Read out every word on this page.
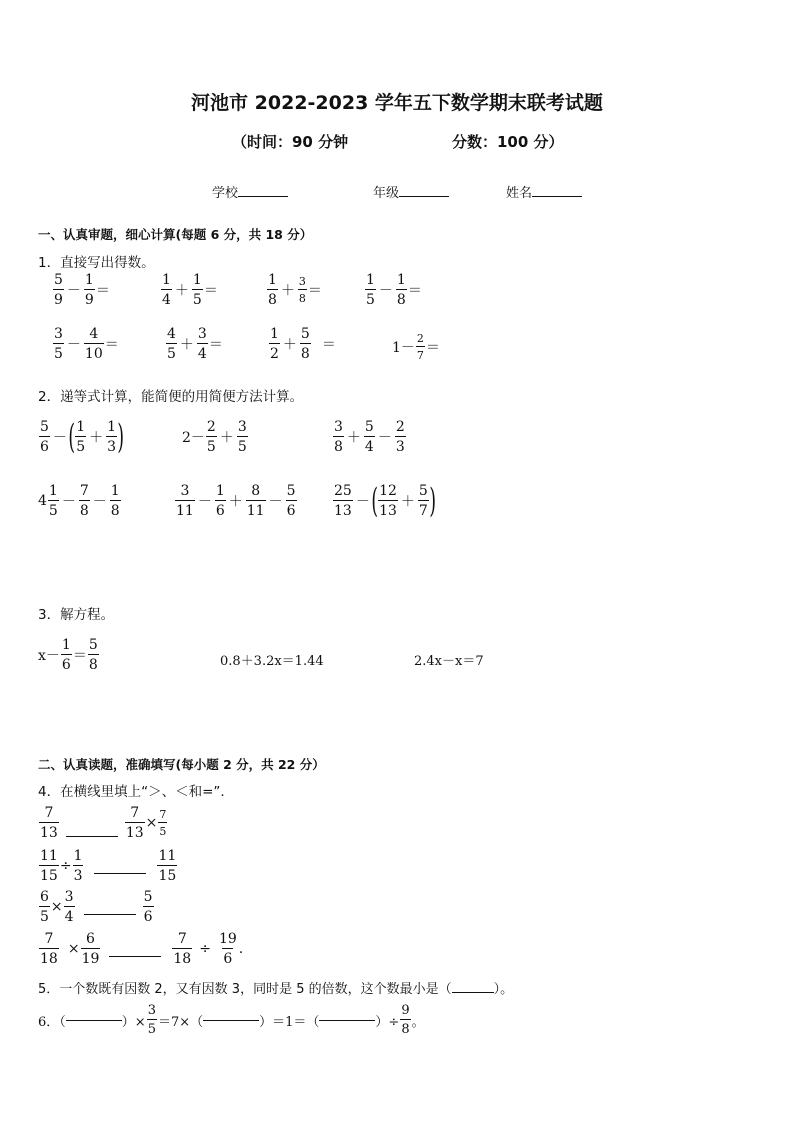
河池市 2022-2023 学年五下数学期末联考试题
（时间：90 分钟	分数：100 分）
学校	年级	姓名
一、认真审题，细心计算(每题 6 分，共 18 分）
1．直接写出得数。
$\frac{5}{9} - \frac{1}{9}$ ＝	$\frac{1}{4} + \frac{1}{5}$ ＝	$\frac{1}{8} + \frac{3}{8}$ ＝	$\frac{1}{5} - \frac{1}{8}$ ＝
$\frac{3}{5} - \frac{4}{10}$ ＝	$\frac{4}{5} + \frac{3}{4}$ ＝	$\frac{1}{2} + \frac{5}{8}$ ＝	$1- \frac{2}{7}$ ＝
2．递等式计算，能简便的用简便方法计算。
$\frac{5}{6}$ － ( $\frac{1}{5} + \frac{1}{3}$ )	$2- \frac{2}{5} + \frac{3}{5}$	$\frac{3}{8} + \frac{5}{4} - \frac{2}{3}$
$4 \frac{1}{5} - \frac{7}{8} - \frac{1}{8}$	$\frac{3}{11} - \frac{1}{6} + \frac{8}{11} - \frac{5}{6}$	$\frac{25}{13}$ － ( $\frac{12}{13} + \frac{5}{7}$ )
3．解方程。
$x- \frac{1}{6} = \frac{5}{8}$	0.8＋3.2x＝1.44	2.4x－x＝7
二、认真读题，准确填写(每小题 2 分，共 22 分）
4．在横线里填上“＞、＜和=”.
$\frac{7}{13}$	$\frac{7}{13} \times \frac{7}{5}$
$\frac{11}{15} \div \frac{1}{3}$	$\frac{11}{15}$
$\frac{6}{5} \times \frac{3}{4}$	$\frac{5}{6}$
$\frac{7}{18} \times \frac{6}{19}$	$\frac{7}{18} \div \frac{19}{6}$ .
5．一个数既有因数 2，又有因数 3，同时是 5 的倍数，这个数最小是（	）。
6．（	）× $\frac{3}{5} =7\times$（	）＝1＝（	）÷ $\frac{9}{8}$ 。
